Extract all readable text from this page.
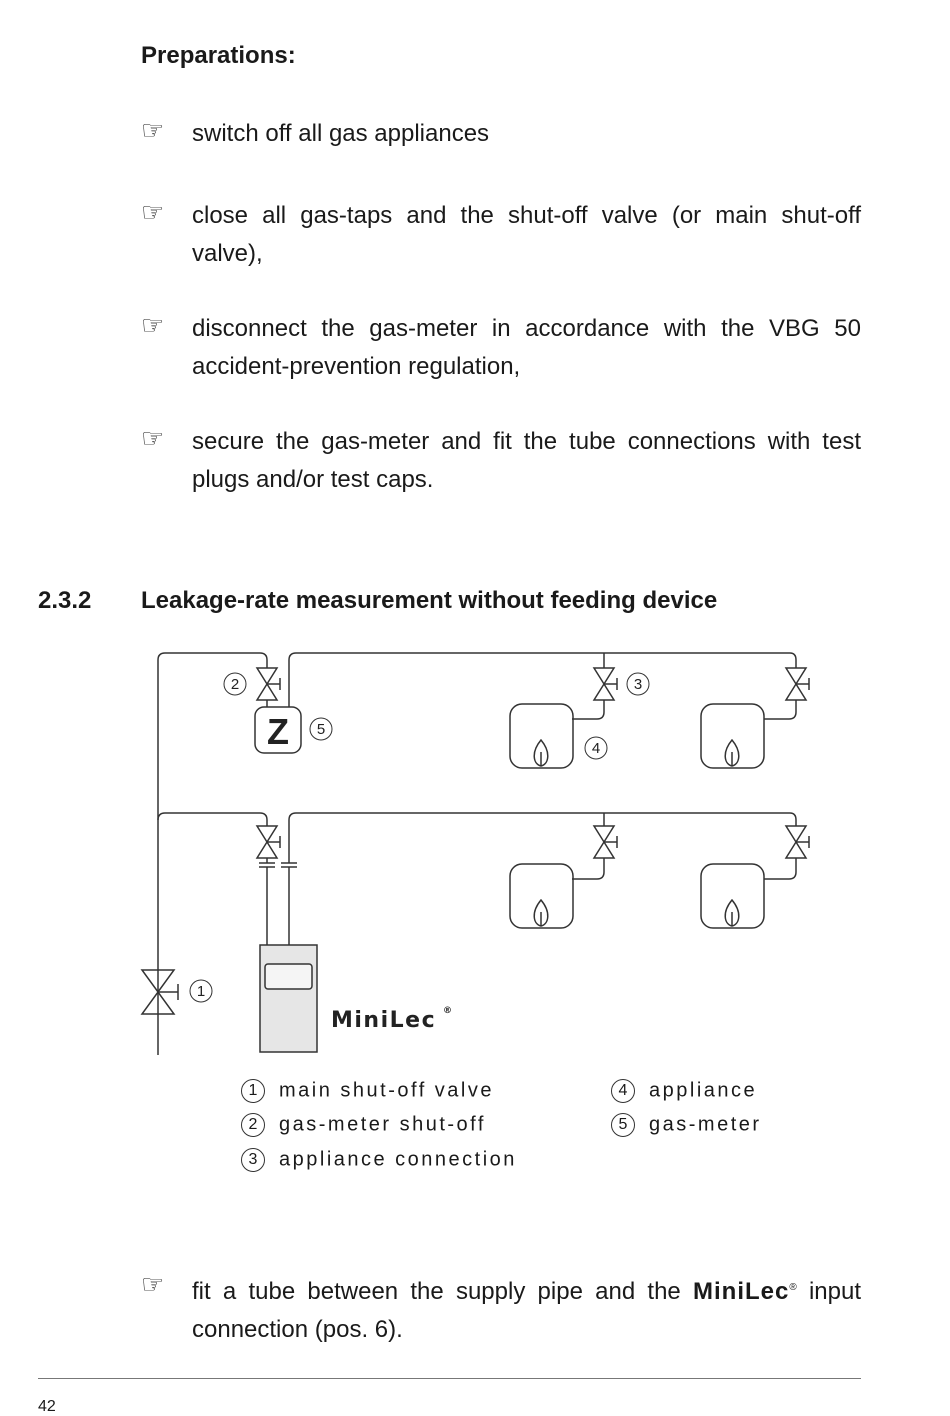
Preparations:
☞ switch off all gas appliances
☞ close all gas-taps and the shut-off valve (or main shut-off valve),
☞ disconnect the gas-meter in accordance with the VBG 50 accident-prevention regulation,
☞ secure the gas-meter and fit the tube connections with test plugs and/or test caps.
2.3.2 Leakage-rate measurement without feeding device
2
5
3
4
1
Z
MiniLec ®
1 main shut-off valve
2 gas-meter shut-off
3 appliance connection
4 appliance
5 gas-meter
☞ fit a tube between the supply pipe and the MiniLec® input connection (pos. 6).
42
